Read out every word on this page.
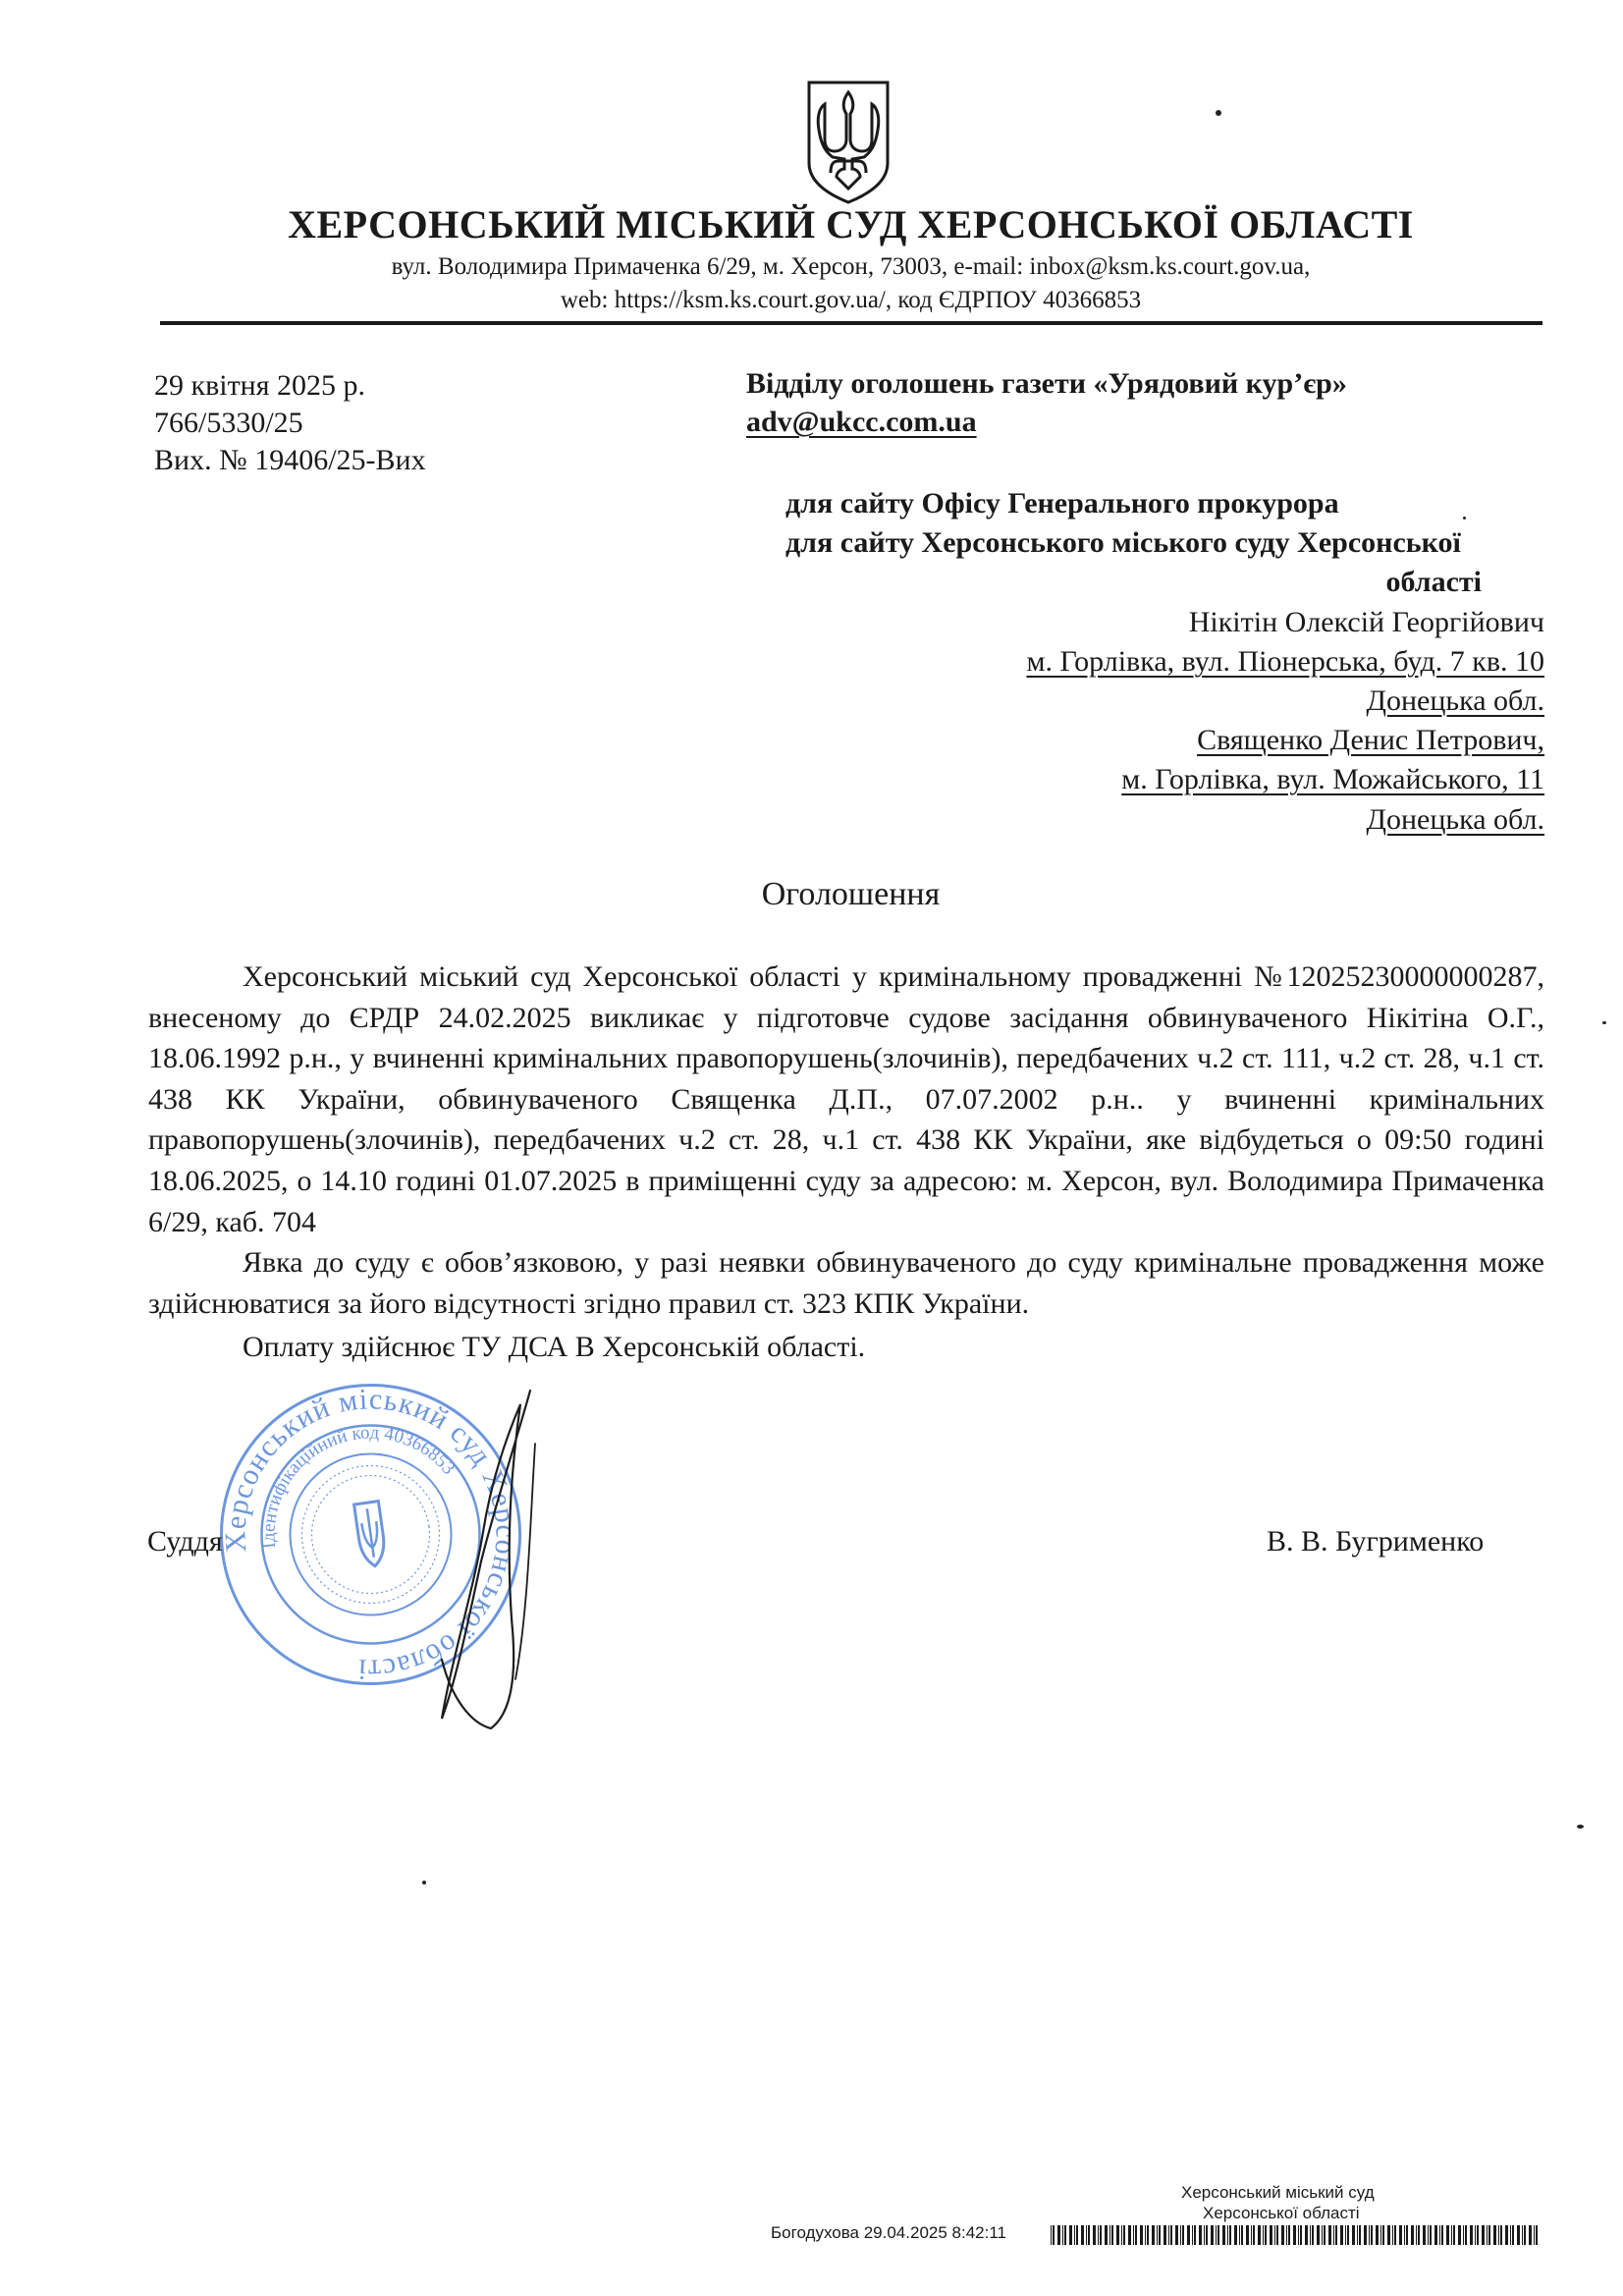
ХЕРСОНСЬКИЙ МІСЬКИЙ СУД ХЕРСОНСЬКОЇ ОБЛАСТІ
вул. Володимира Примаченка 6/29, м. Херсон, 73003, e-mail: inbox@ksm.ks.court.gov.ua,
web: https://ksm.ks.court.gov.ua/, код ЄДРПОУ 40366853
29 квітня 2025 р.
766/5330/25
Вих. № 19406/25-Вих
Відділу оголошень газети «Урядовий кур’єр»
adv@ukcc.com.ua
для сайту Офісу Генерального прокурора
для сайту Херсонського міського суду Херсонської
області
Нікітін Олексій Георгійович
м. Горлівка, вул. Піонерська, буд. 7 кв. 10
Донецька обл.
Священко Денис Петрович,
м. Горлівка, вул. Можайського, 11
Донецька обл.
Оголошення

Херсонський міський суд Херсонської області у кримінальному провадженні №12025230000000287, внесеному до ЄРДР 24.02.2025 викликає у підготовче судове засідання обвинуваченого Нікітіна О.Г., 18.06.1992 р.н., у вчиненні кримінальних правопорушень(злочинів), передбачених ч.2 ст. 111, ч.2 ст. 28, ч.1 ст. 438 КК України, обвинуваченого Священка Д.П., 07.07.2002 р.н.. у вчиненні кримінальних правопорушень(злочинів), передбачених ч.2 ст. 28, ч.1 ст. 438 КК України, яке відбудеться о 09:50 годині 18.06.2025, о 14.10 годині 01.07.2025 в приміщенні суду за адресою: м. Херсон, вул. Володимира Примаченка 6/29, каб. 704

Явка до суду є обов’язковою, у разі неявки обвинуваченого до суду кримінальне провадження може здійснюватися за його відсутності згідно правил ст. 323 КПК України.

Оплату здійснює ТУ ДСА В Херсонській області.
Херсонський міський суд Херсонської області
Ідентифікаційний код 40366853
Суддя	В. В. Бугрименко
Херсонський міський суд
Херсонської області
Богодухова 29.04.2025 8:42:11
